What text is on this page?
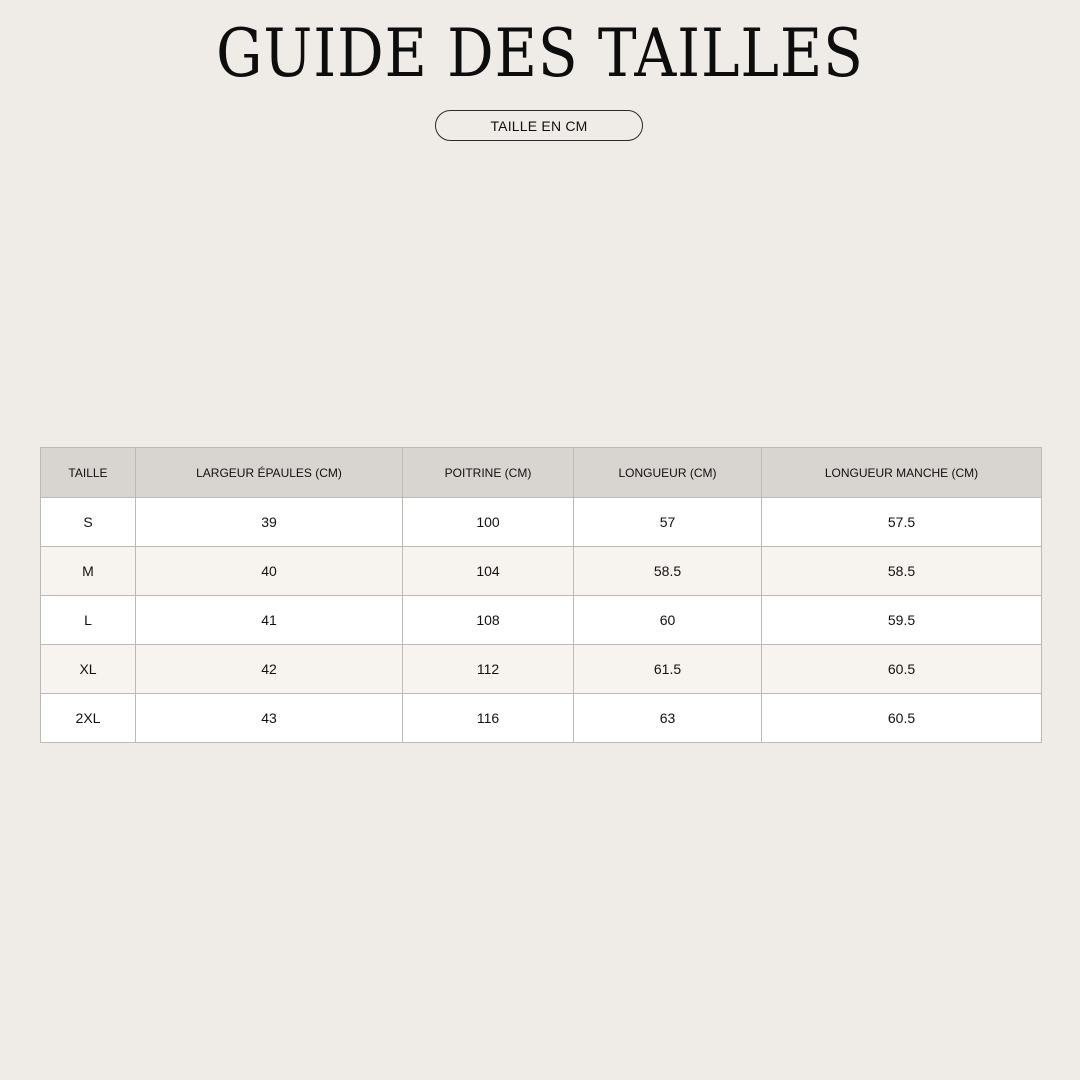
GUIDE DES TAILLES
TAILLE EN CM
TAILLE	LARGEUR ÉPAULES (CM)	POITRINE (CM)	LONGUEUR (CM)	LONGUEUR MANCHE (CM)
S	39	100	57	57.5
M	40	104	58.5	58.5
L	41	108	60	59.5
XL	42	112	61.5	60.5
2XL	43	116	63	60.5
